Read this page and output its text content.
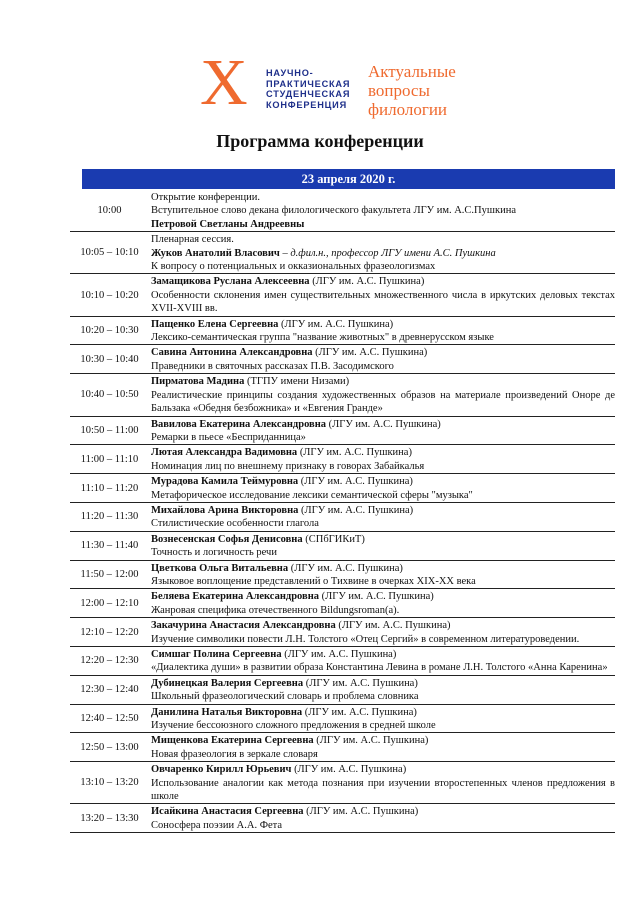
X НАУЧНО-
ПРАКТИЧЕСКАЯ
СТУДЕНЧЕСКАЯ
КОНФЕРЕНЦИЯ
Актуальные
вопросы
филологии
Программа конференции
23 апреля 2020 г.
10:00
Открытие конференции.
Вступительное слово декана филологического факультета ЛГУ им. А.С.Пушкина
Петровой Светланы Андреевны
10:05 – 10:10
Пленарная сессия.
Жуков Анатолий Власович – д.фил.н., профессор ЛГУ имени А.С. Пушкина
К вопросу о потенциальных и окказиональных фразеологизмах
10:10 – 10:20
Замащикова Руслана Алексеевна (ЛГУ им. А.С. Пушкина)
Особенности склонения имен существительных множественного числа в иркутских деловых текстах XVII-XVIII вв.
10:20 – 10:30
Пащенко Елена Сергеевна (ЛГУ им. А.С. Пушкина)
Лексико-семантическая группа "название животных" в древнерусском языке
10:30 – 10:40
Савина Антонина Александровна (ЛГУ им. А.С. Пушкина)
Праведники в святочных рассказах П.В. Засодимского
10:40 – 10:50
Пирматова Мадина (ТГПУ имени Низами)
Реалистические принципы создания художественных образов на материале произведений Оноре де Бальзака «Обедня безбожника» и «Евгения Гранде»
10:50 – 11:00
Вавилова Екатерина Александровна (ЛГУ им. А.С. Пушкина)
Ремарки в пьесе «Бесприданница»
11:00 – 11:10
Лютая Александра Вадимовна (ЛГУ им. А.С. Пушкина)
Номинация лиц по внешнему признаку в говорах Забайкалья
11:10 – 11:20
Мурадова Камила Теймуровна (ЛГУ им. А.С. Пушкина)
Метафорическое исследование лексики семантической сферы "музыка"
11:20 – 11:30
Михайлова Арина Викторовна (ЛГУ им. А.С. Пушкина)
Стилистические особенности глагола
11:30 – 11:40
Вознесенская Софья Денисовна (СПбГИКиТ)
Точность и логичность речи
11:50 – 12:00
Цветкова Ольга Витальевна (ЛГУ им. А.С. Пушкина)
Языковое воплощение представлений о Тихвине в очерках XIX-XX века
12:00 – 12:10
Беляева Екатерина Александровна (ЛГУ им. А.С. Пушкина)
Жанровая специфика отечественного Bildungsroman(а).
12:10 – 12:20
Закачурина Анастасия Александровна (ЛГУ им. А.С. Пушкина)
Изучение символики повести Л.Н. Толстого «Отец Сергий» в современном литературоведении.
12:20 – 12:30
Симшаг Полина Сергеевна (ЛГУ им. А.С. Пушкина)
«Диалектика души» в развитии образа Константина Левина в романе Л.Н. Толстого «Анна Каренина»
12:30 – 12:40
Дубинецкая Валерия Сергеевна (ЛГУ им. А.С. Пушкина)
Школьный фразеологический словарь и проблема словника
12:40 – 12:50
Данилина Наталья Викторовна (ЛГУ им. А.С. Пушкина)
Изучение бессоюзного сложного предложения в средней школе
12:50 – 13:00
Мищенкова Екатерина Сергеевна (ЛГУ им. А.С. Пушкина)
Новая фразеология в зеркале словаря
13:10 – 13:20
Овчаренко Кирилл Юрьевич (ЛГУ им. А.С. Пушкина)
Использование аналогии как метода познания при изучении второстепенных членов предложения в школе
13:20 – 13:30
Исайкина Анастасия Сергеевна (ЛГУ им. А.С. Пушкина)
Соносфера поэзии А.А. Фета
